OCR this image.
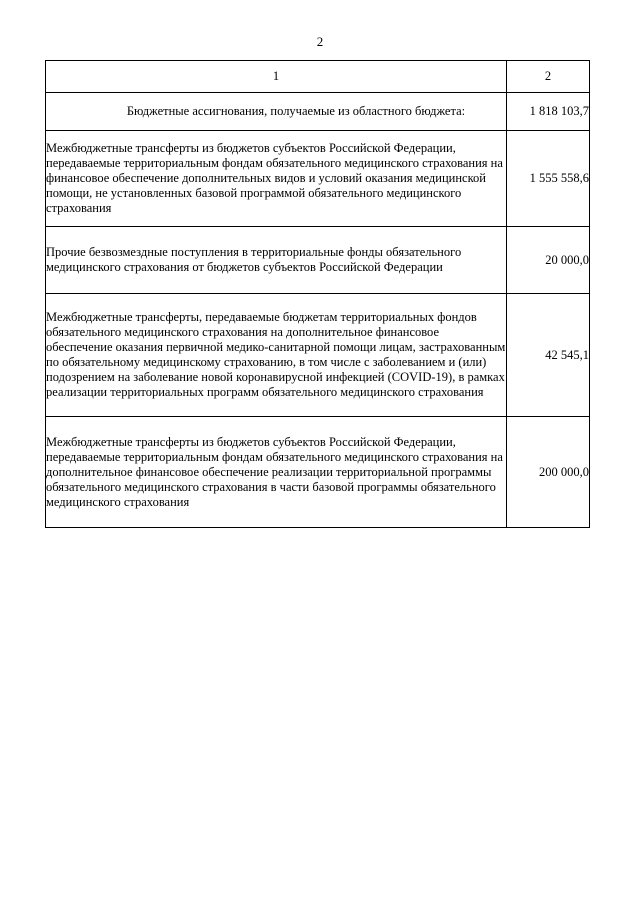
2
1	2
Бюджетные ассигнования, получаемые из областного бюджета:	1 818 103,7
Межбюджетные трансферты из бюджетов субъектов Российской Федерации, передаваемые территориальным фондам обязательного медицинского страхования на финансовое обеспечение дополнительных видов и условий оказания медицинской помощи, не установленных базовой программой обязательного медицинского страхования	1 555 558,6
Прочие безвозмездные поступления в территориальные фонды обязательного медицинского страхования от бюджетов субъектов Российской Федерации	20 000,0
Межбюджетные трансферты, передаваемые бюджетам территориальных фондов обязательного медицинского страхования на дополнительное финансовое обеспечение оказания первичной медико-санитарной помощи лицам, застрахованным по обязательному медицинскому страхованию, в том числе с заболеванием и (или) подозрением на заболевание новой коронавирусной инфекцией (COVID-19), в рамках реализации территориальных программ обязательного медицинского страхования	42 545,1
Межбюджетные трансферты из бюджетов субъектов Российской Федерации, передаваемые территориальным фондам обязательного медицинского страхования на дополнительное финансовое обеспечение реализации территориальной программы обязательного медицинского страхования в части базовой программы обязательного медицинского страхования	200 000,0
